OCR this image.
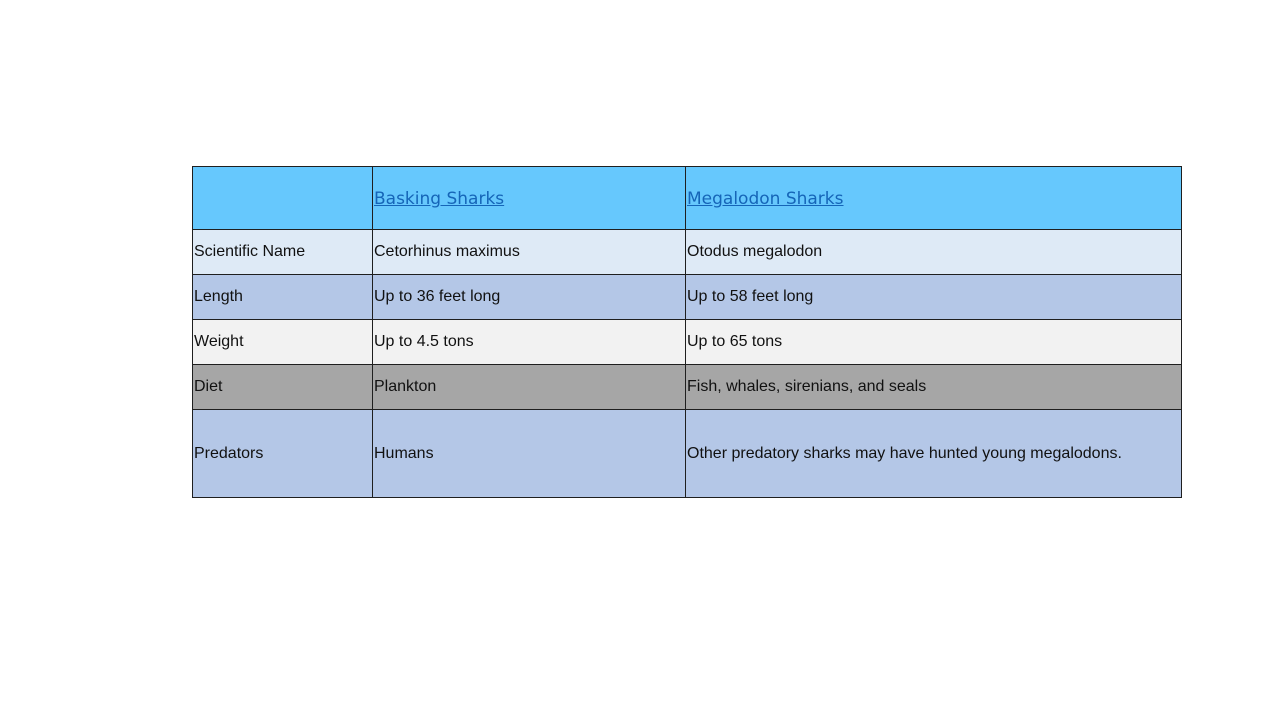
	Basking Sharks	Megalodon Sharks
Scientific Name	Cetorhinus maximus	Otodus megalodon
Length	Up to 36 feet long	Up to 58 feet long
Weight	Up to 4.5 tons	Up to 65 tons
Diet	Plankton	Fish, whales, sirenians, and seals
Predators	Humans	Other predatory sharks may have hunted young megalodons.
